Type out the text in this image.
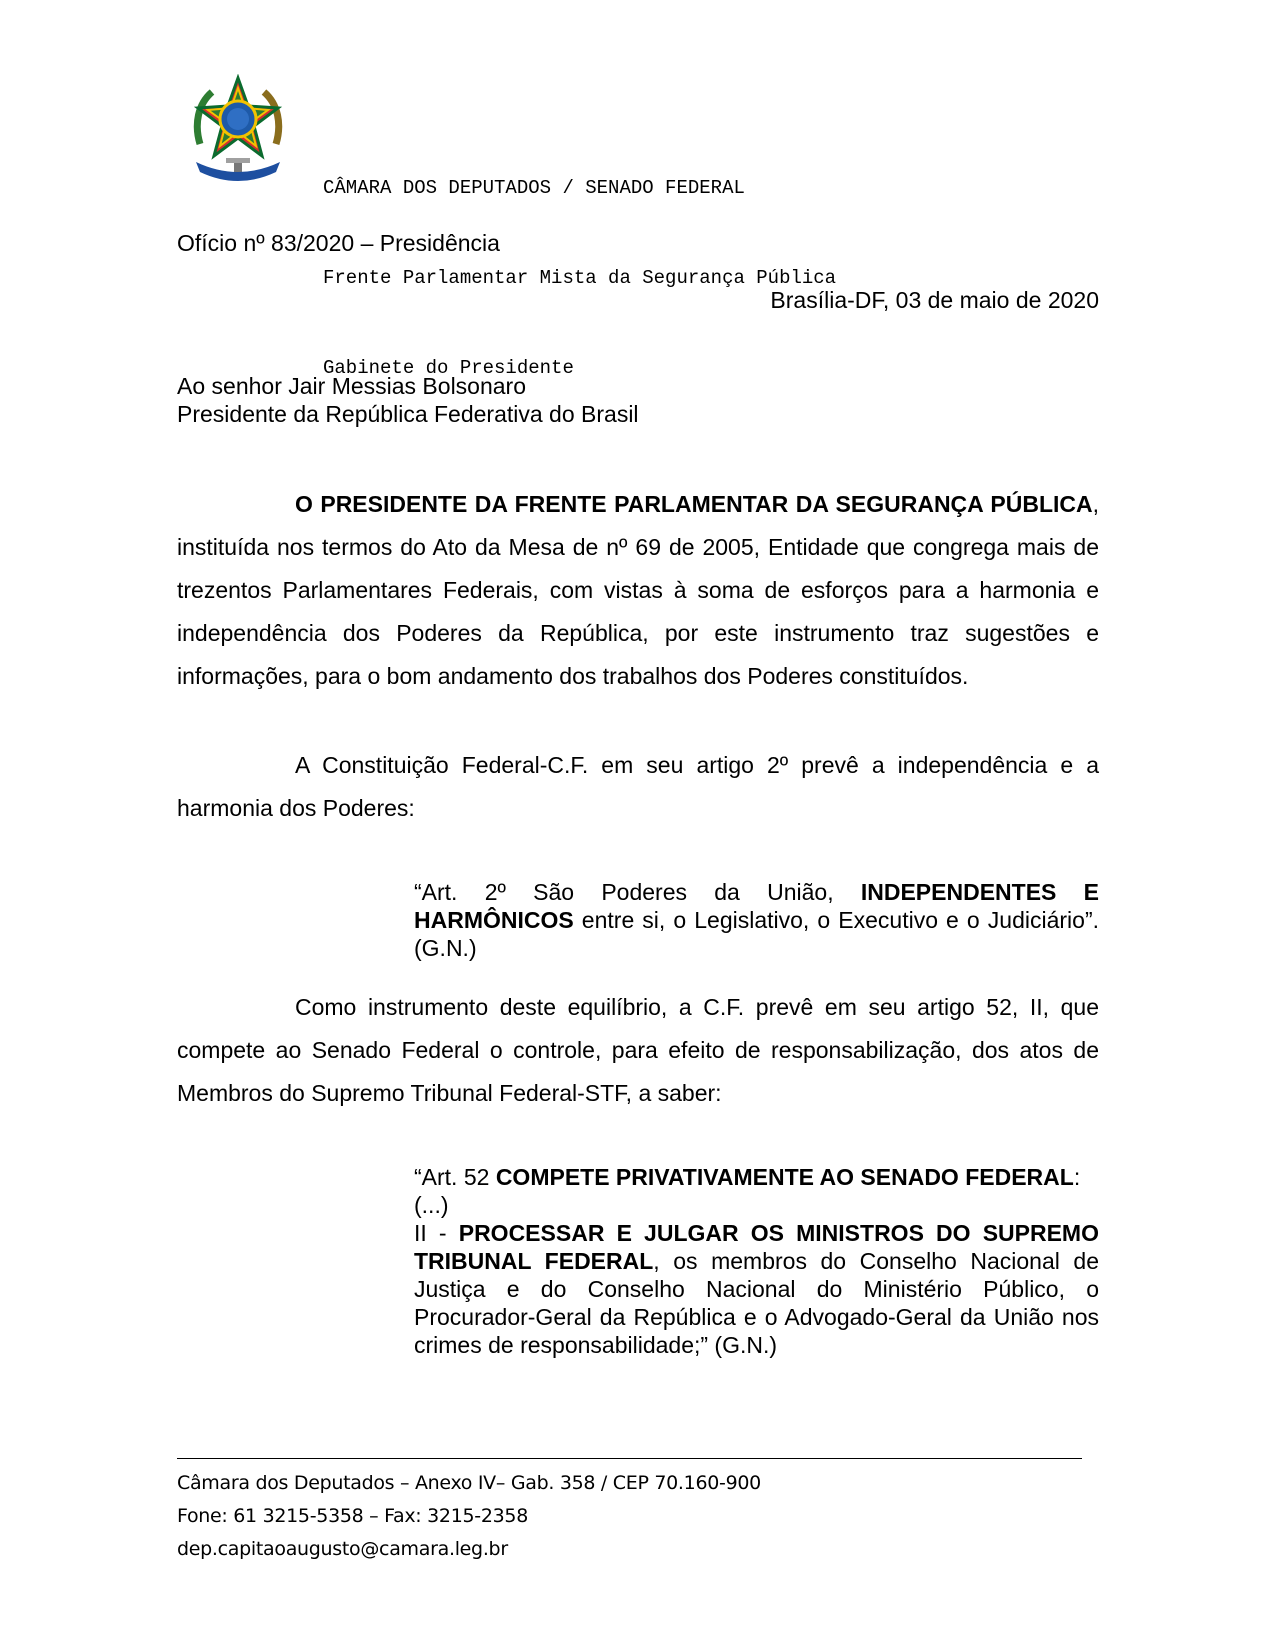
CÂMARA DOS DEPUTADOS / SENADO FEDERAL

Frente Parlamentar Mista da Segurança Pública

Gabinete do Presidente

Ofício nº 83/2020 – Presidência
Brasília-DF, 03 de maio de 2020
Ao senhor Jair Messias Bolsonaro
Presidente da República Federativa do Brasil

O PRESIDENTE DA FRENTE PARLAMENTAR DA SEGURANÇA PÚBLICA, instituída nos termos do Ato da Mesa de nº 69 de 2005, Entidade que congrega mais de trezentos Parlamentares Federais, com vistas à soma de esforços para a harmonia e independência dos Poderes da República, por este instrumento traz sugestões e informações, para o bom andamento dos trabalhos dos Poderes constituídos.

A Constituição Federal-C.F. em seu artigo 2º prevê a independência e a harmonia dos Poderes:

“Art. 2º São Poderes da União, INDEPENDENTES E HARMÔNICOS entre si, o Legislativo, o Executivo e o Judiciário”.(G.N.)

Como instrumento deste equilíbrio, a C.F. prevê em seu artigo 52, II, que compete ao Senado Federal o controle, para efeito de responsabilização, dos atos de Membros do Supremo Tribunal Federal-STF, a saber:

“Art. 52 COMPETE PRIVATIVAMENTE AO SENADO FEDERAL:
(...)
II - PROCESSAR E JULGAR OS MINISTROS DO SUPREMO TRIBUNAL FEDERAL, os membros do Conselho Nacional de Justiça e do Conselho Nacional do Ministério Público, o Procurador-Geral da República e o Advogado-Geral da União nos crimes de responsabilidade;” (G.N.)
Câmara dos Deputados – Anexo IV– Gab. 358 / CEP 70.160-900
Fone: 61 3215-5358 – Fax: 3215-2358
dep.capitaoaugusto@camara.leg.br
